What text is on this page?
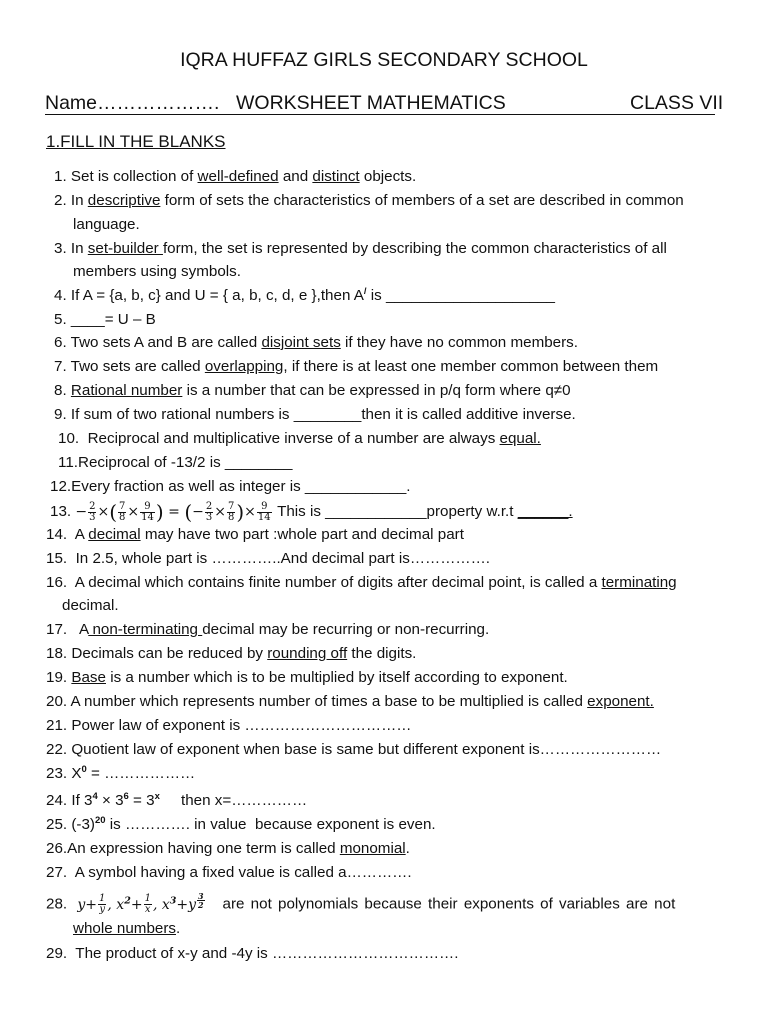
IQRA HUFFAZ GIRLS SECONDARY SCHOOL
Name………………. WORKSHEET MATHEMATICS	CLASS VII
1.FILL IN THE BLANKS
1. Set is collection of well-defined and distinct objects.
2. In descriptive form of sets the characteristics of members of a set are described in common
language.
3. In set-builder form, the set is represented by describing the common characteristics of all
members using symbols.
4. If A = {a, b, c} and U = { a, b, c, d, e },then A/ is ____________________
5. ____= U – B
6. Two sets A and B are called disjoint sets if they have no common members.
7. Two sets are called overlapping, if there is at least one member common between them
8. Rational number is a number that can be expressed in p/q form where q≠0
9. If sum of two rational numbers is ________then it is called additive inverse.
10.  Reciprocal and multiplicative inverse of a number are always equal.
11.Reciprocal of -13/2 is ________
12.Every fraction as well as integer is ____________.
13. − $\frac{2}{3}$ ×( $\frac{7}{8} \times \frac{9}{14}$ ) = (− $\frac{2}{3} \times \frac{7}{8}$ )× $\frac{9}{14}$ This is ____________property w.r.t ______.
14.  A decimal may have two part :whole part and decimal part
15.  In 2.5, whole part is …………..And decimal part is…………….
16.  A decimal which contains finite number of digits after decimal point, is called a terminating
decimal.
17.   A non-terminating decimal may be recurring or non-recurring.
18. Decimals can be reduced by rounding off the digits.
19. Base is a number which is to be multiplied by itself according to exponent.
20. A number which represents number of times a base to be multiplied is called exponent.
21. Power law of exponent is ……………………………
22. Quotient law of exponent when base is same but different exponent is……………………
23. $X^0$ = ………………
24. If $3^4 \times 3^6 = 3^x$     then x=……………
25. $(-3)^{20}$ is …………. in value  because exponent is even.
26.An expression having one term is called monomial.
27.  A symbol having a fixed value is called a………….
28. $y+ \frac{1}{y}$ , $x^2+ \frac{1}{x}$ , $x^3+y$ $^{\frac{3}{2}}$ are not polynomials because their exponents of variables are not
whole numbers.
29.  The product of x-y and -4y is ……………………………….
